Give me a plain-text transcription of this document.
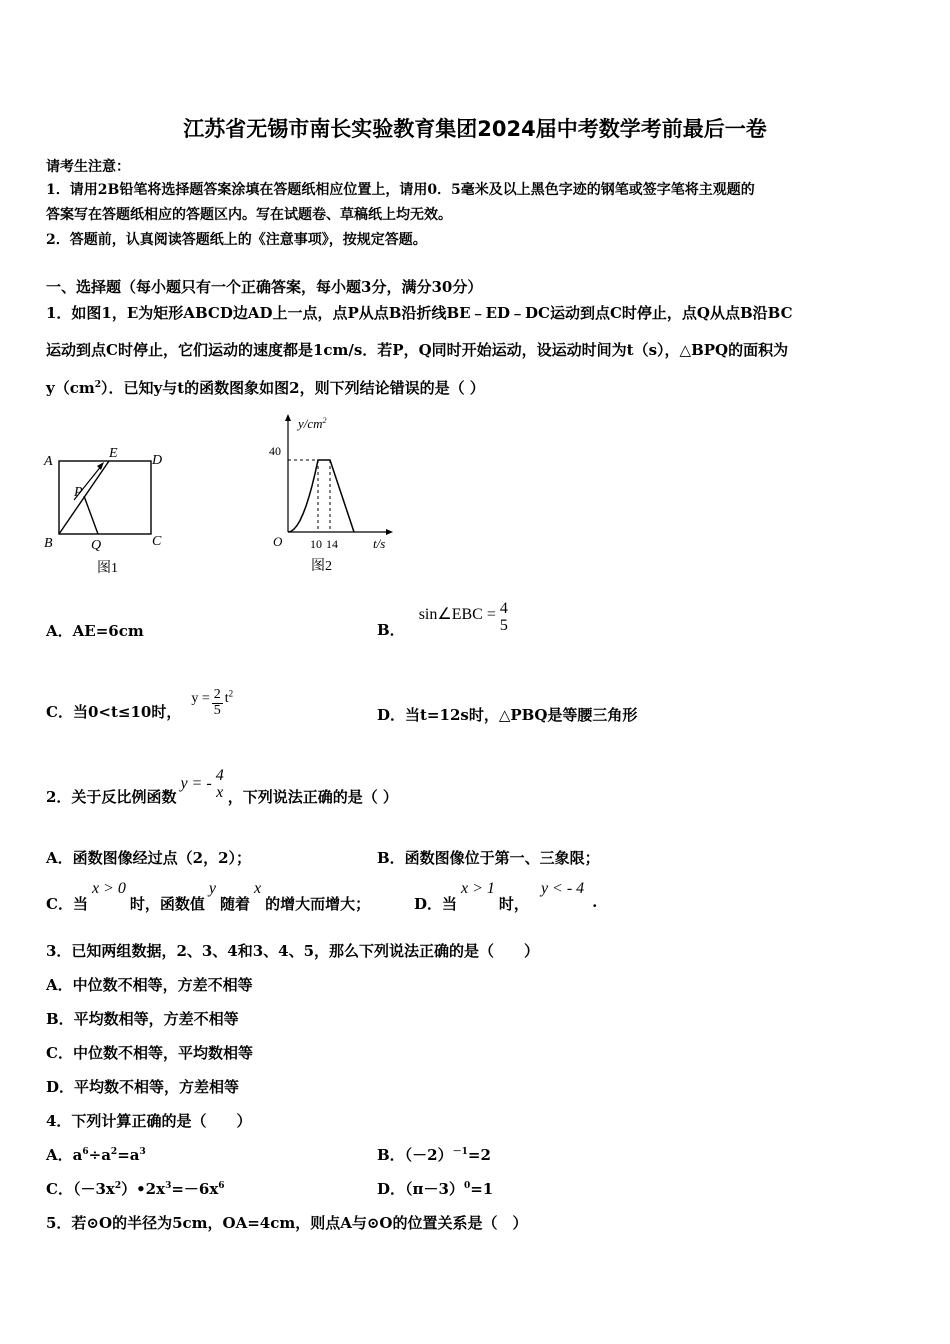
江苏省无锡市南长实验教育集团2024届中考数学考前最后一卷
请考生注意：
1．请用2B铅笔将选择题答案涂填在答题纸相应位置上，请用0．5毫米及以上黑色字迹的钢笔或签字笔将主观题的
答案写在答题纸相应的答题区内。写在试题卷、草稿纸上均无效。
2．答题前，认真阅读答题纸上的《注意事项》，按规定答题。
一、选择题（每小题只有一个正确答案，每小题3分，满分30分）
1．如图1，E为矩形ABCD边AD上一点，点P从点B沿折线BE﹣ED﹣DC运动到点C时停止，点Q从点B沿BC
运动到点C时停止，它们运动的速度都是1cm/s．若P，Q同时开始运动，设运动时间为t（s），△BPQ的面积为
$y(cm^2)$．已知y与t的函数图象如图2，则下列结论错误的是（ ）
A
E D
P
B	Q	C
图1
$y/cm^2$
40
O 10 14	t/s
图2
A．AE=6cm	B．
sin∠EBC = 4
5
C．当0<t≤10时，
$y = \frac{2}{5} t^2$
D．当t=12s时，△PBQ是等腰三角形
2．关于反比例函数
y = - 4
x ，下列说法正确的是（ ）
A．函数图像经过点（2，2）；	B．函数图像位于第一、三象限；
C．当
x > 0
时，函数值
y
随着
x
的增大而增大；	D．当
x > 1
时，
y < - 4
.
3．已知两组数据，2、3、4和3、4、5，那么下列说法正确的是（　　）
A．中位数不相等，方差不相等
B．平均数相等，方差不相等
C．中位数不相等，平均数相等
D．平均数不相等，方差相等
4．下列计算正确的是（　　）
A．$a^6\div a^2=a^3$	B．$(-2)^{-1}=2$
C．$(-3x^2)•2x^3=-6x^6$	D．$(\pi-3)^0=1$
5．若⊙O的半径为5cm，OA=4cm，则点A与⊙O的位置关系是（　）
